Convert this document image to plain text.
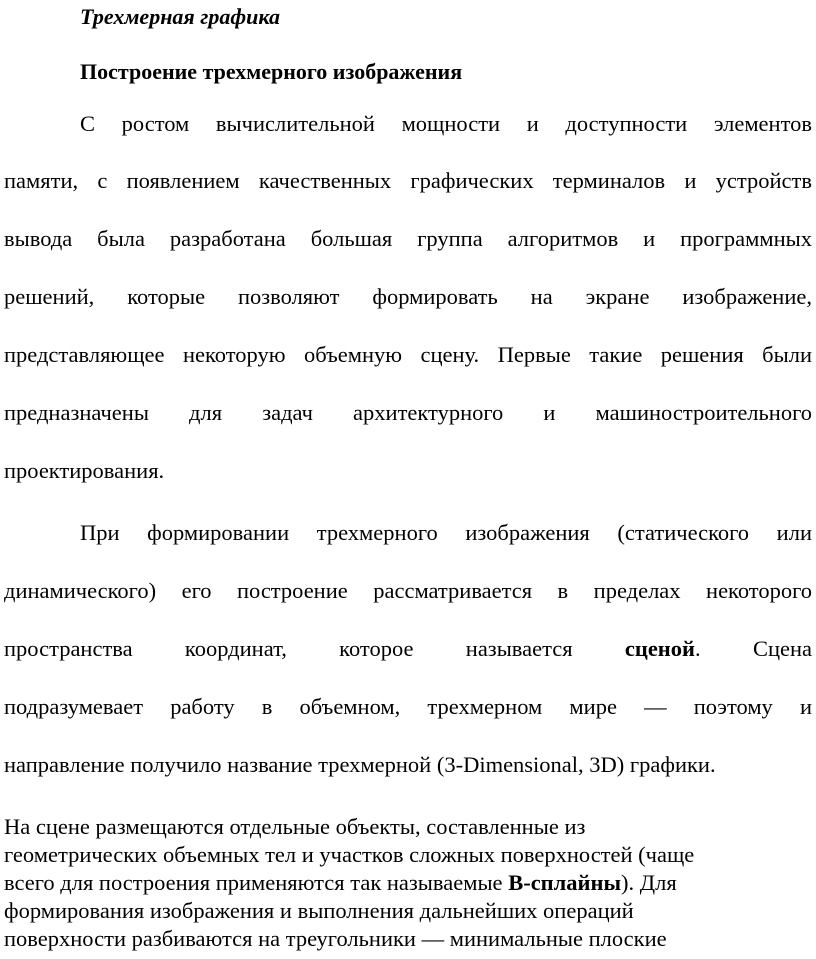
Трехмерная графика
Построение трехмерного изображения
С ростом вычислительной мощности и доступности элементов
памяти, с появлением качественных графических терминалов и устройств
вывода была разработана большая группа алгоритмов и программных
решений, которые позволяют формировать на экране изображение,
представляющее некоторую объемную сцену. Первые такие решения были
предназначены для задач архитектурного и машиностроительного
проектирования.
При формировании трехмерного изображения (статического или
динамического) его построение рассматривается в пределах некоторого
пространства координат, которое называется сценой. Сцена
подразумевает работу в объемном, трехмерном мире — поэтому и
направление получило название трехмерной (3-Dimensional, 3D) графики.
На сцене размещаются отдельные объекты, составленные из
геометрических объемных тел и участков сложных поверхностей (чаще
всего для построения применяются так называемые B-сплайны). Для
формирования изображения и выполнения дальнейших операций
поверхности разбиваются на треугольники — минимальные плоские
